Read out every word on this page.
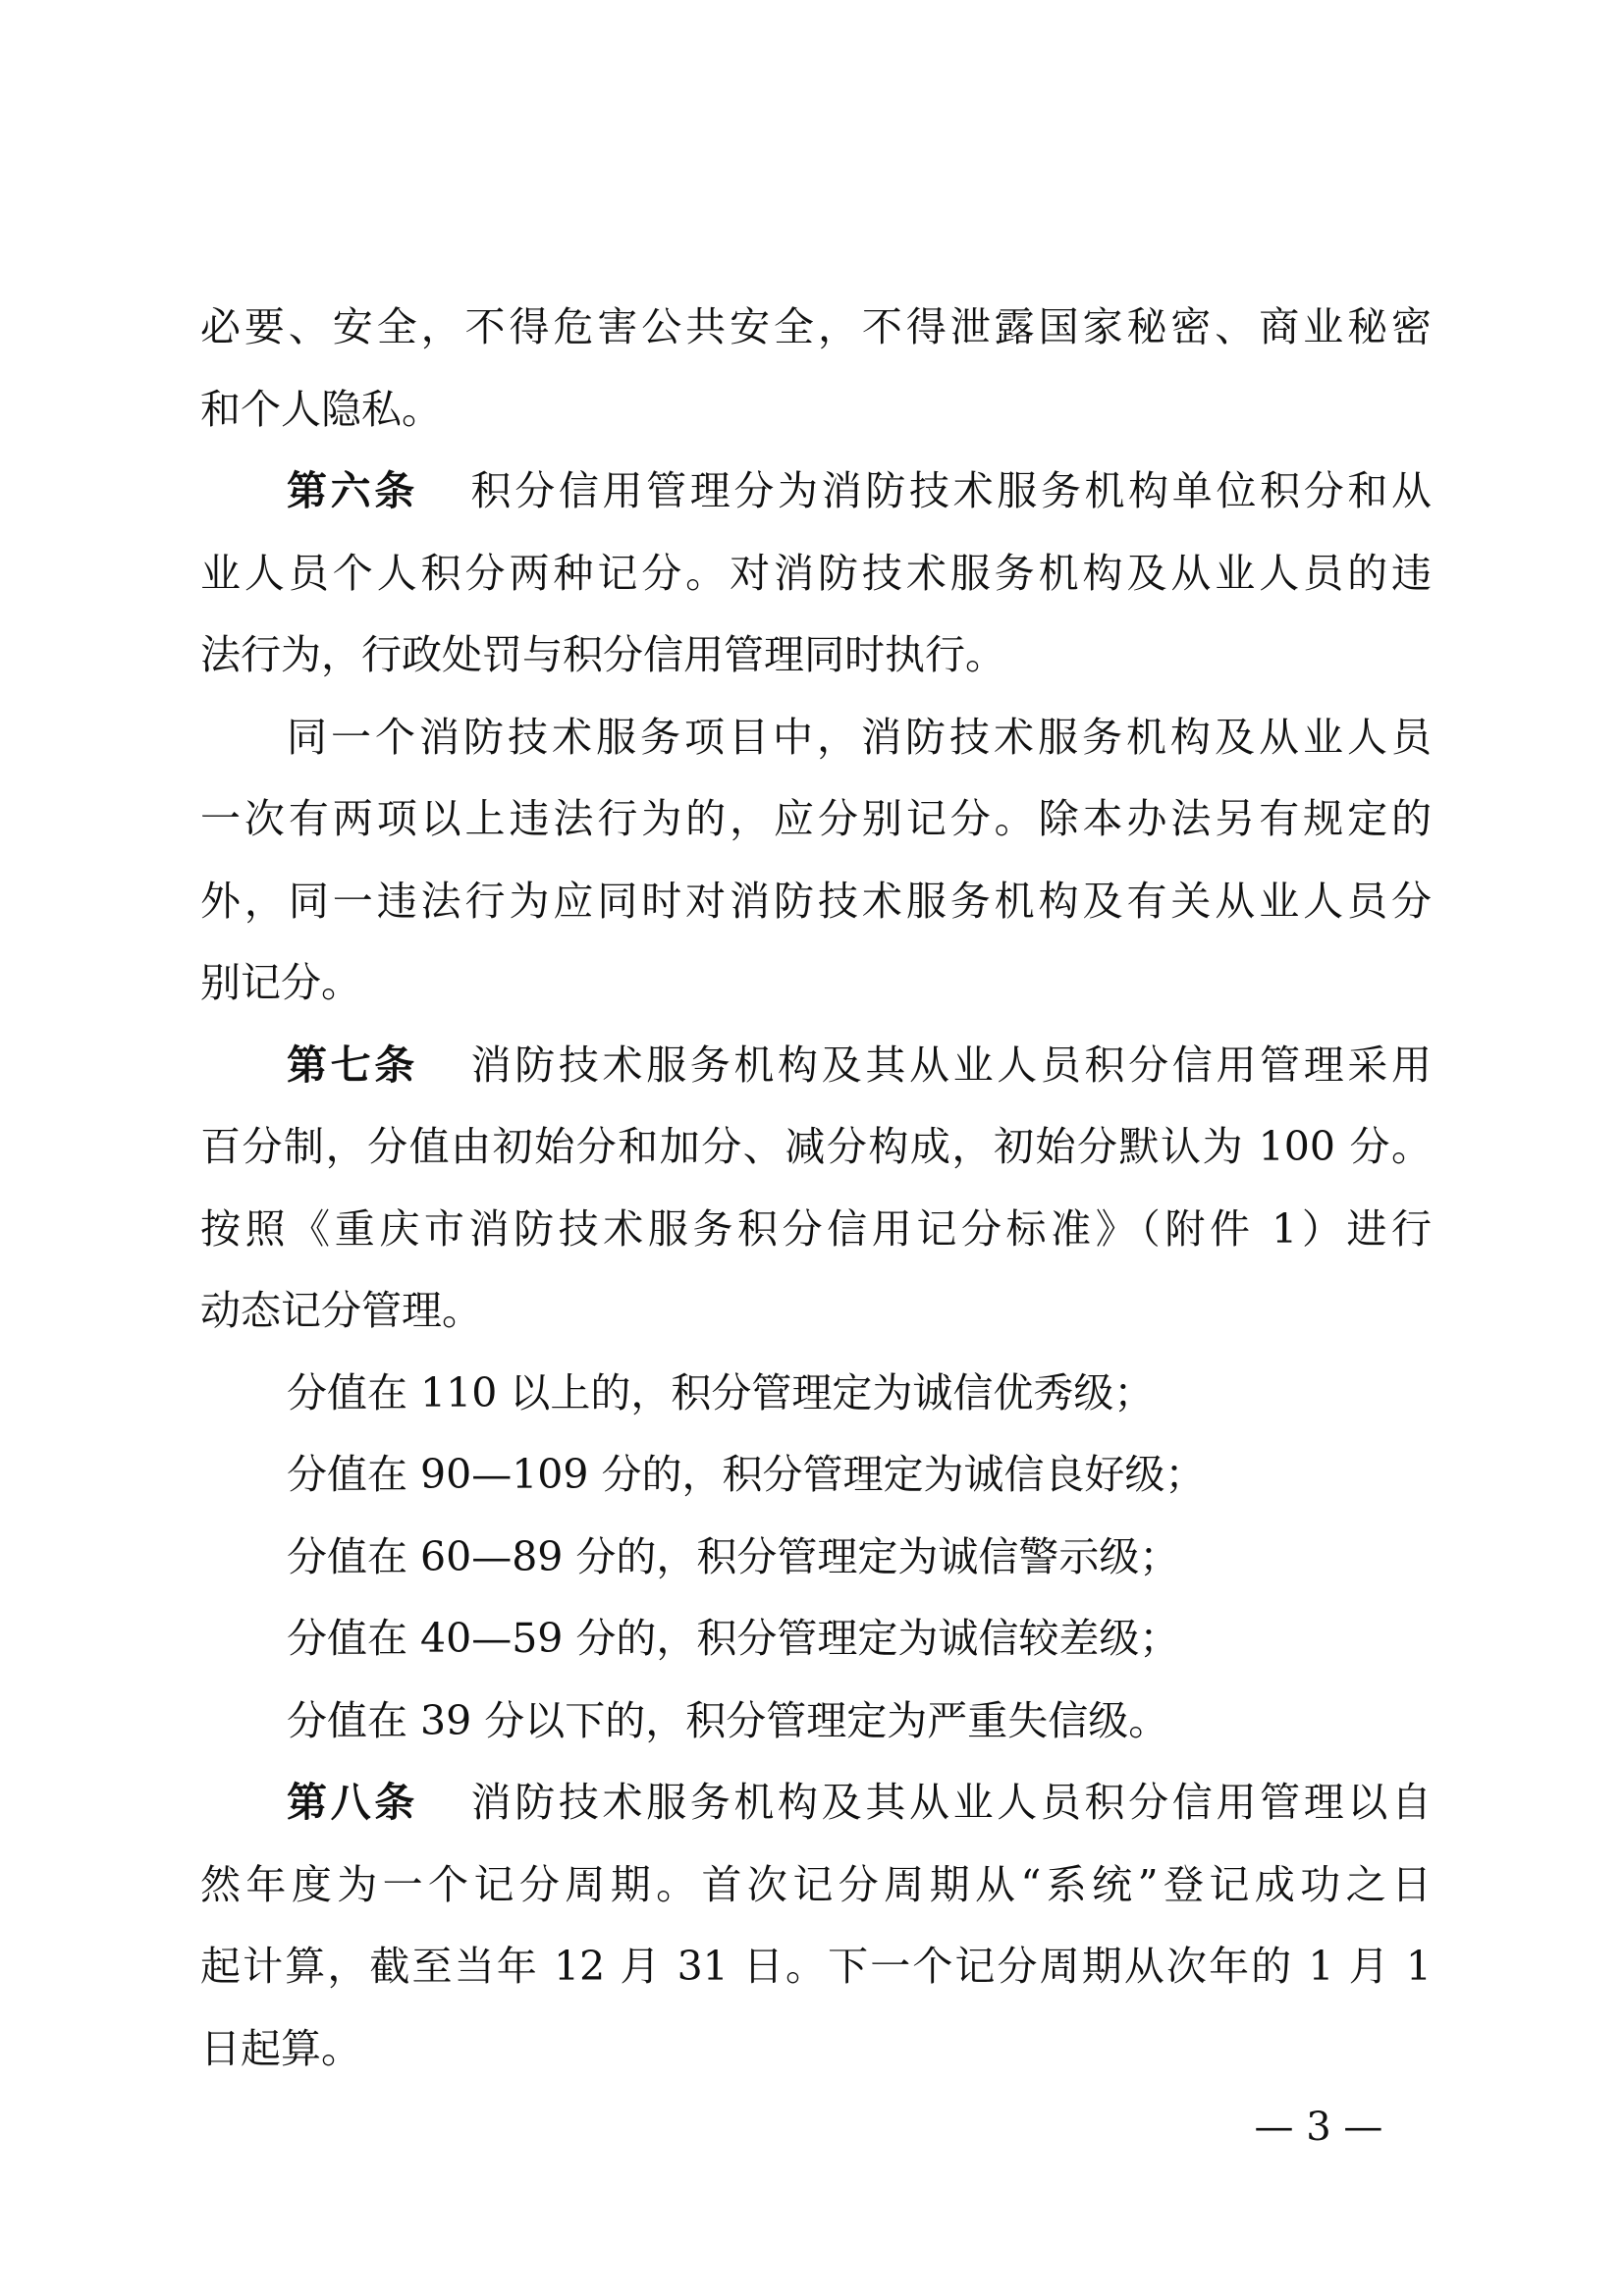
必要、安全，不得危害公共安全，不得泄露国家秘密、商业秘密
和个人隐私。
第六条 积分信用管理分为消防技术服务机构单位积分和从
业人员个人积分两种记分。对消防技术服务机构及从业人员的违
法行为，行政处罚与积分信用管理同时执行。
同一个消防技术服务项目中，消防技术服务机构及从业人员
一次有两项以上违法行为的，应分别记分。除本办法另有规定的
外，同一违法行为应同时对消防技术服务机构及有关从业人员分
别记分。
第七条 消防技术服务机构及其从业人员积分信用管理采用
百分制，分值由初始分和加分、减分构成，初始分默认为 100 分。
按照《重庆市消防技术服务积分信用记分标准》（附件 1）进行
动态记分管理。
分值在 110 以上的，积分管理定为诚信优秀级；
分值在 90—109 分的，积分管理定为诚信良好级；
分值在 60—89 分的，积分管理定为诚信警示级；
分值在 40—59 分的，积分管理定为诚信较差级；
分值在 39 分以下的，积分管理定为严重失信级。
第八条 消防技术服务机构及其从业人员积分信用管理以自
然年度为一个记分周期。首次记分周期从“系统”登记成功之日
起计算，截至当年 12 月 31 日。下一个记分周期从次年的 1 月 1
日起算。
— 3 —
